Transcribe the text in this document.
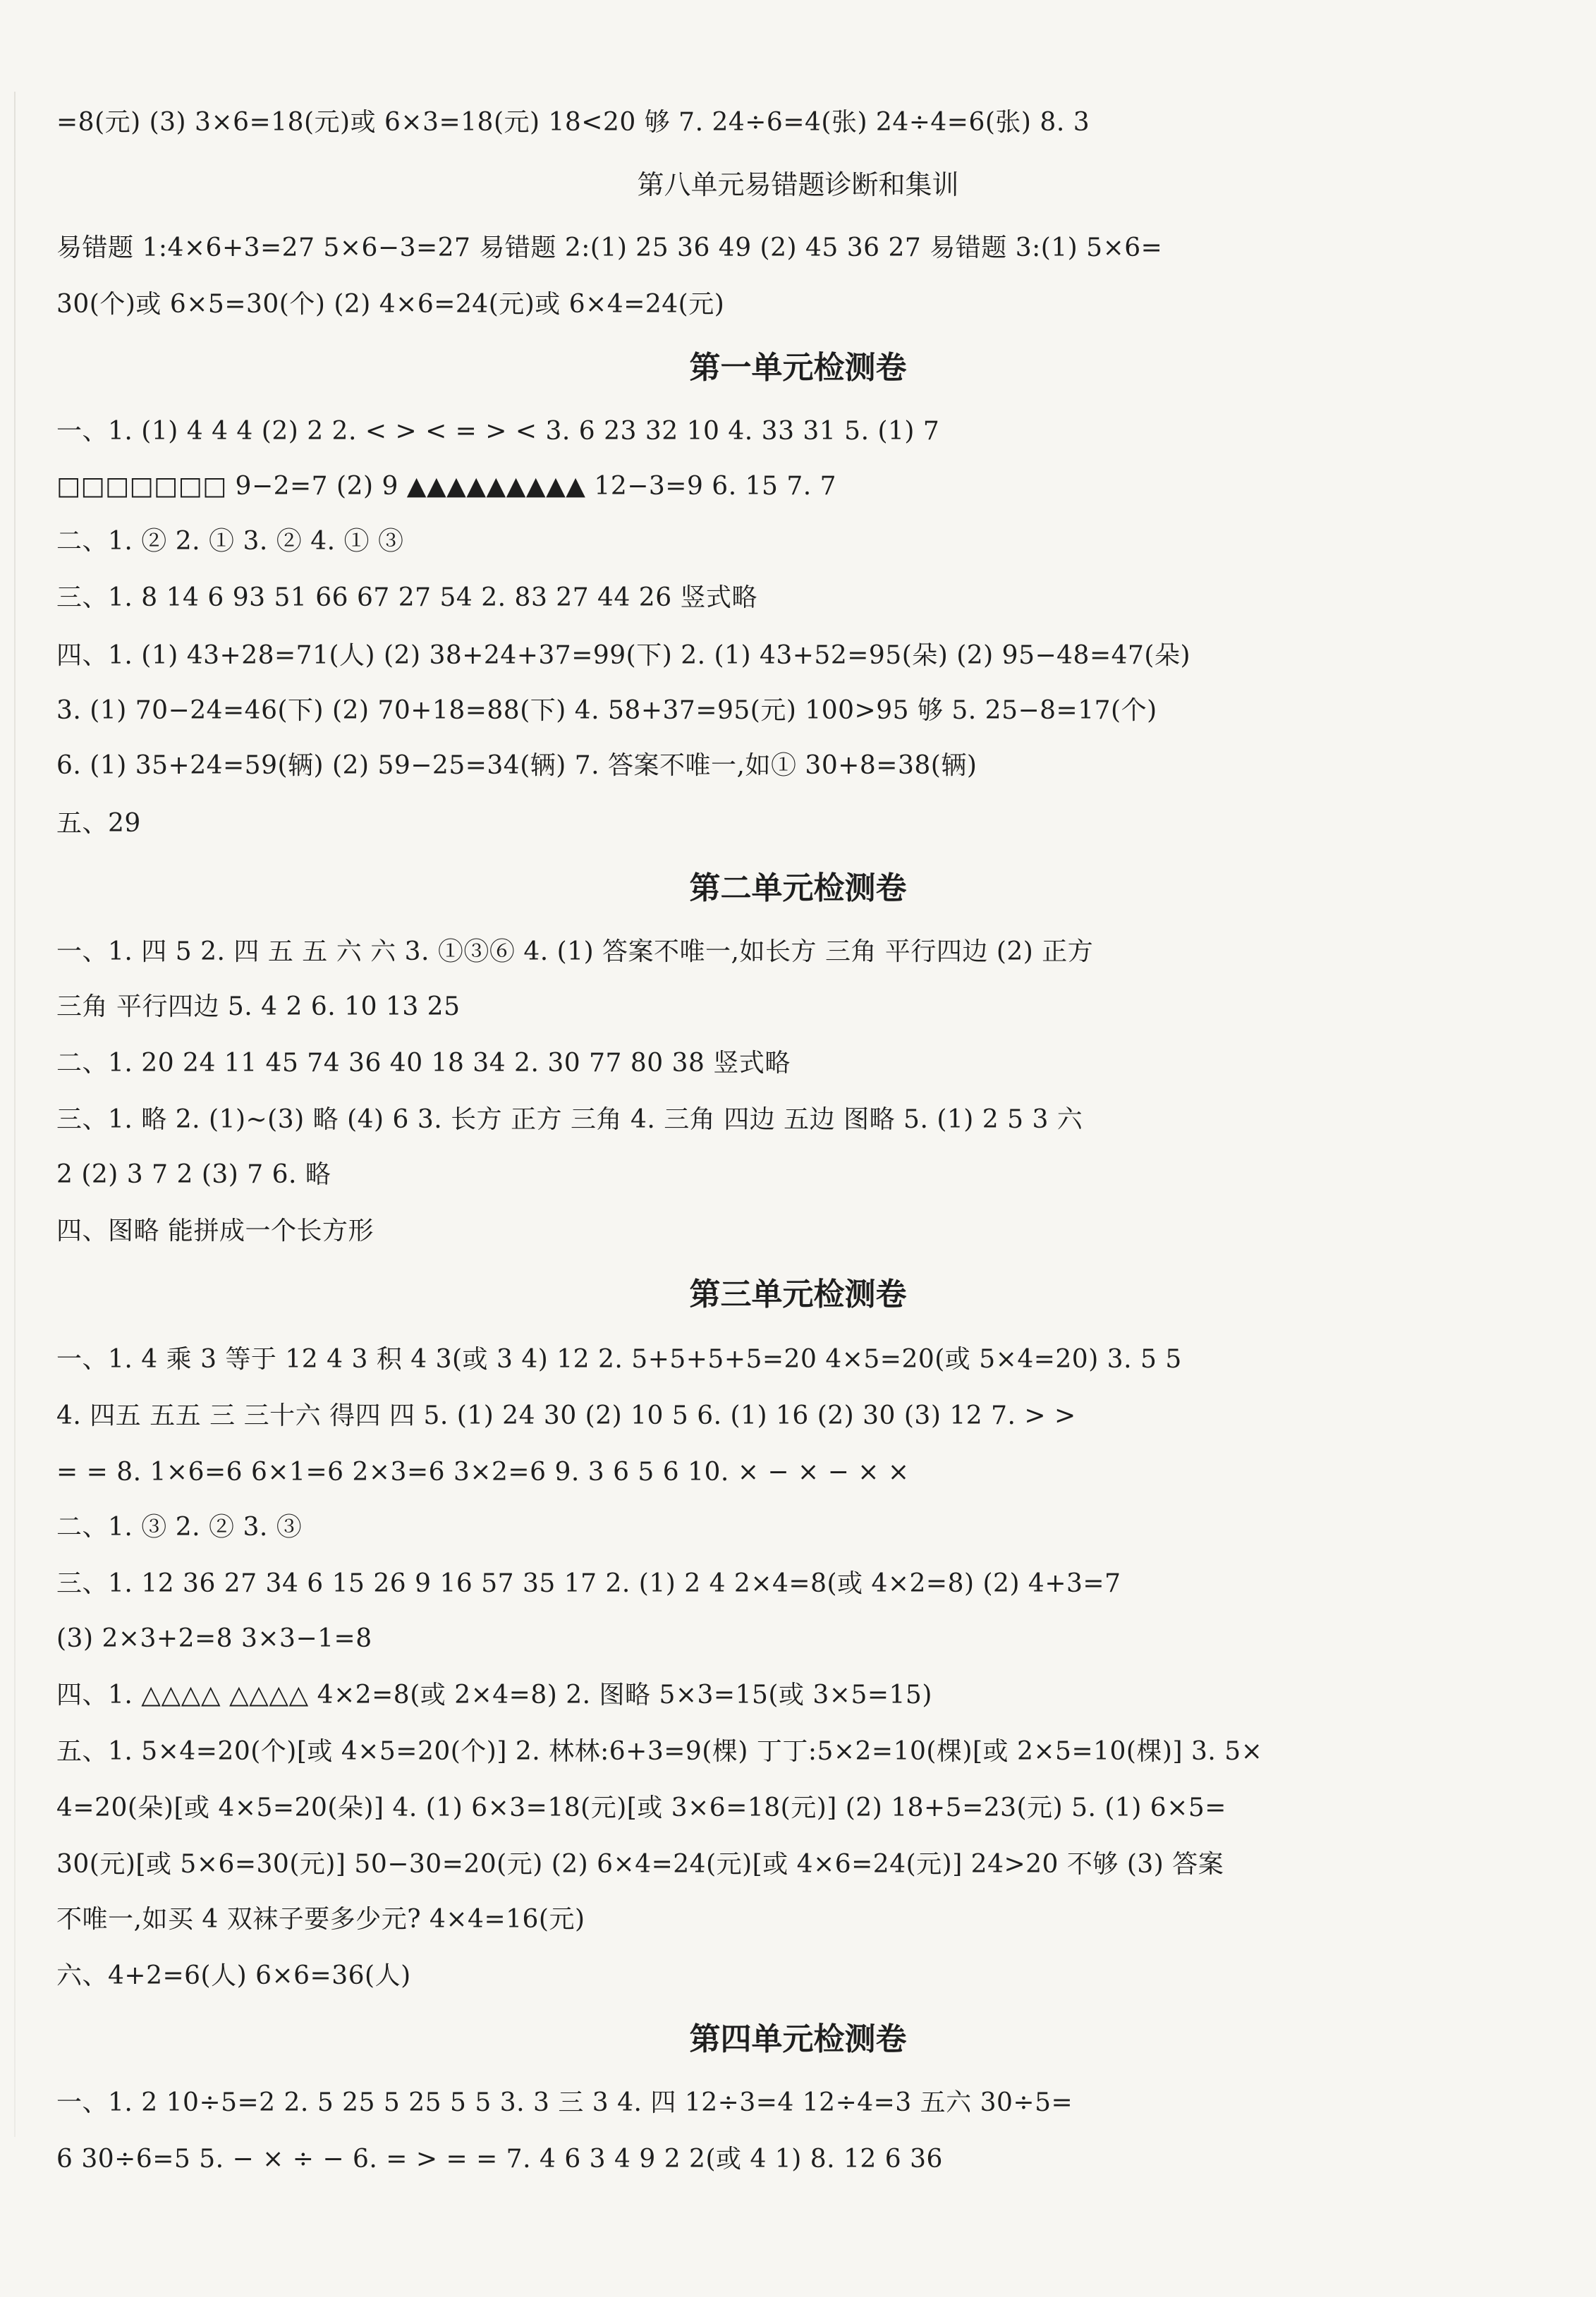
=8(元) (3) 3×6=18(元)或 6×3=18(元) 18<20 够 7. 24÷6=4(张) 24÷4=6(张) 8. 3
第八单元易错题诊断和集训
易错题 1:4×6+3=27 5×6−3=27 易错题 2:(1) 25 36 49 (2) 45 36 27 易错题 3:(1) 5×6=
30(个)或 6×5=30(个) (2) 4×6=24(元)或 6×4=24(元)
第一单元检测卷
一、1. (1) 4 4 4 (2) 2 2. < > < = > < 3. 6 23 32 10 4. 33 31 5. (1) 7
□□□□□□□ 9−2=7 (2) 9 ▲▲▲▲▲▲▲▲▲ 12−3=9 6. 15 7. 7
二、1. ② 2. ① 3. ② 4. ① ③
三、1. 8 14 6 93 51 66 67 27 54 2. 83 27 44 26 竖式略
四、1. (1) 43+28=71(人) (2) 38+24+37=99(下) 2. (1) 43+52=95(朵) (2) 95−48=47(朵)
3. (1) 70−24=46(下) (2) 70+18=88(下) 4. 58+37=95(元) 100>95 够 5. 25−8=17(个)
6. (1) 35+24=59(辆) (2) 59−25=34(辆) 7. 答案不唯一,如① 30+8=38(辆)
五、29
第二单元检测卷
一、1. 四 5 2. 四 五 五 六 六 3. ①③⑥ 4. (1) 答案不唯一,如长方 三角 平行四边 (2) 正方
三角 平行四边 5. 4 2 6. 10 13 25
二、1. 20 24 11 45 74 36 40 18 34 2. 30 77 80 38 竖式略
三、1. 略 2. (1)~(3) 略 (4) 6 3. 长方 正方 三角 4. 三角 四边 五边 图略 5. (1) 2 5 3 六
2 (2) 3 7 2 (3) 7 6. 略
四、图略 能拼成一个长方形
第三单元检测卷
一、1. 4 乘 3 等于 12 4 3 积 4 3(或 3 4) 12 2. 5+5+5+5=20 4×5=20(或 5×4=20) 3. 5 5
4. 四五 五五 三 三十六 得四 四 5. (1) 24 30 (2) 10 5 6. (1) 16 (2) 30 (3) 12 7. > >
= = 8. 1×6=6 6×1=6 2×3=6 3×2=6 9. 3 6 5 6 10. × − × − × ×
二、1. ③ 2. ② 3. ③
三、1. 12 36 27 34 6 15 26 9 16 57 35 17 2. (1) 2 4 2×4=8(或 4×2=8) (2) 4+3=7
(3) 2×3+2=8 3×3−1=8
四、1. △△△△ △△△△ 4×2=8(或 2×4=8) 2. 图略 5×3=15(或 3×5=15)
五、1. 5×4=20(个)[或 4×5=20(个)] 2. 林林:6+3=9(棵) 丁丁:5×2=10(棵)[或 2×5=10(棵)] 3. 5×
4=20(朵)[或 4×5=20(朵)] 4. (1) 6×3=18(元)[或 3×6=18(元)] (2) 18+5=23(元) 5. (1) 6×5=
30(元)[或 5×6=30(元)] 50−30=20(元) (2) 6×4=24(元)[或 4×6=24(元)] 24>20 不够 (3) 答案
不唯一,如买 4 双袜子要多少元? 4×4=16(元)
六、4+2=6(人) 6×6=36(人)
第四单元检测卷
一、1. 2 10÷5=2 2. 5 25 5 25 5 5 3. 3 三 3 4. 四 12÷3=4 12÷4=3 五六 30÷5=
6 30÷6=5 5. − × ÷ − 6. = > = = 7. 4 6 3 4 9 2 2(或 4 1) 8. 12 6 36
